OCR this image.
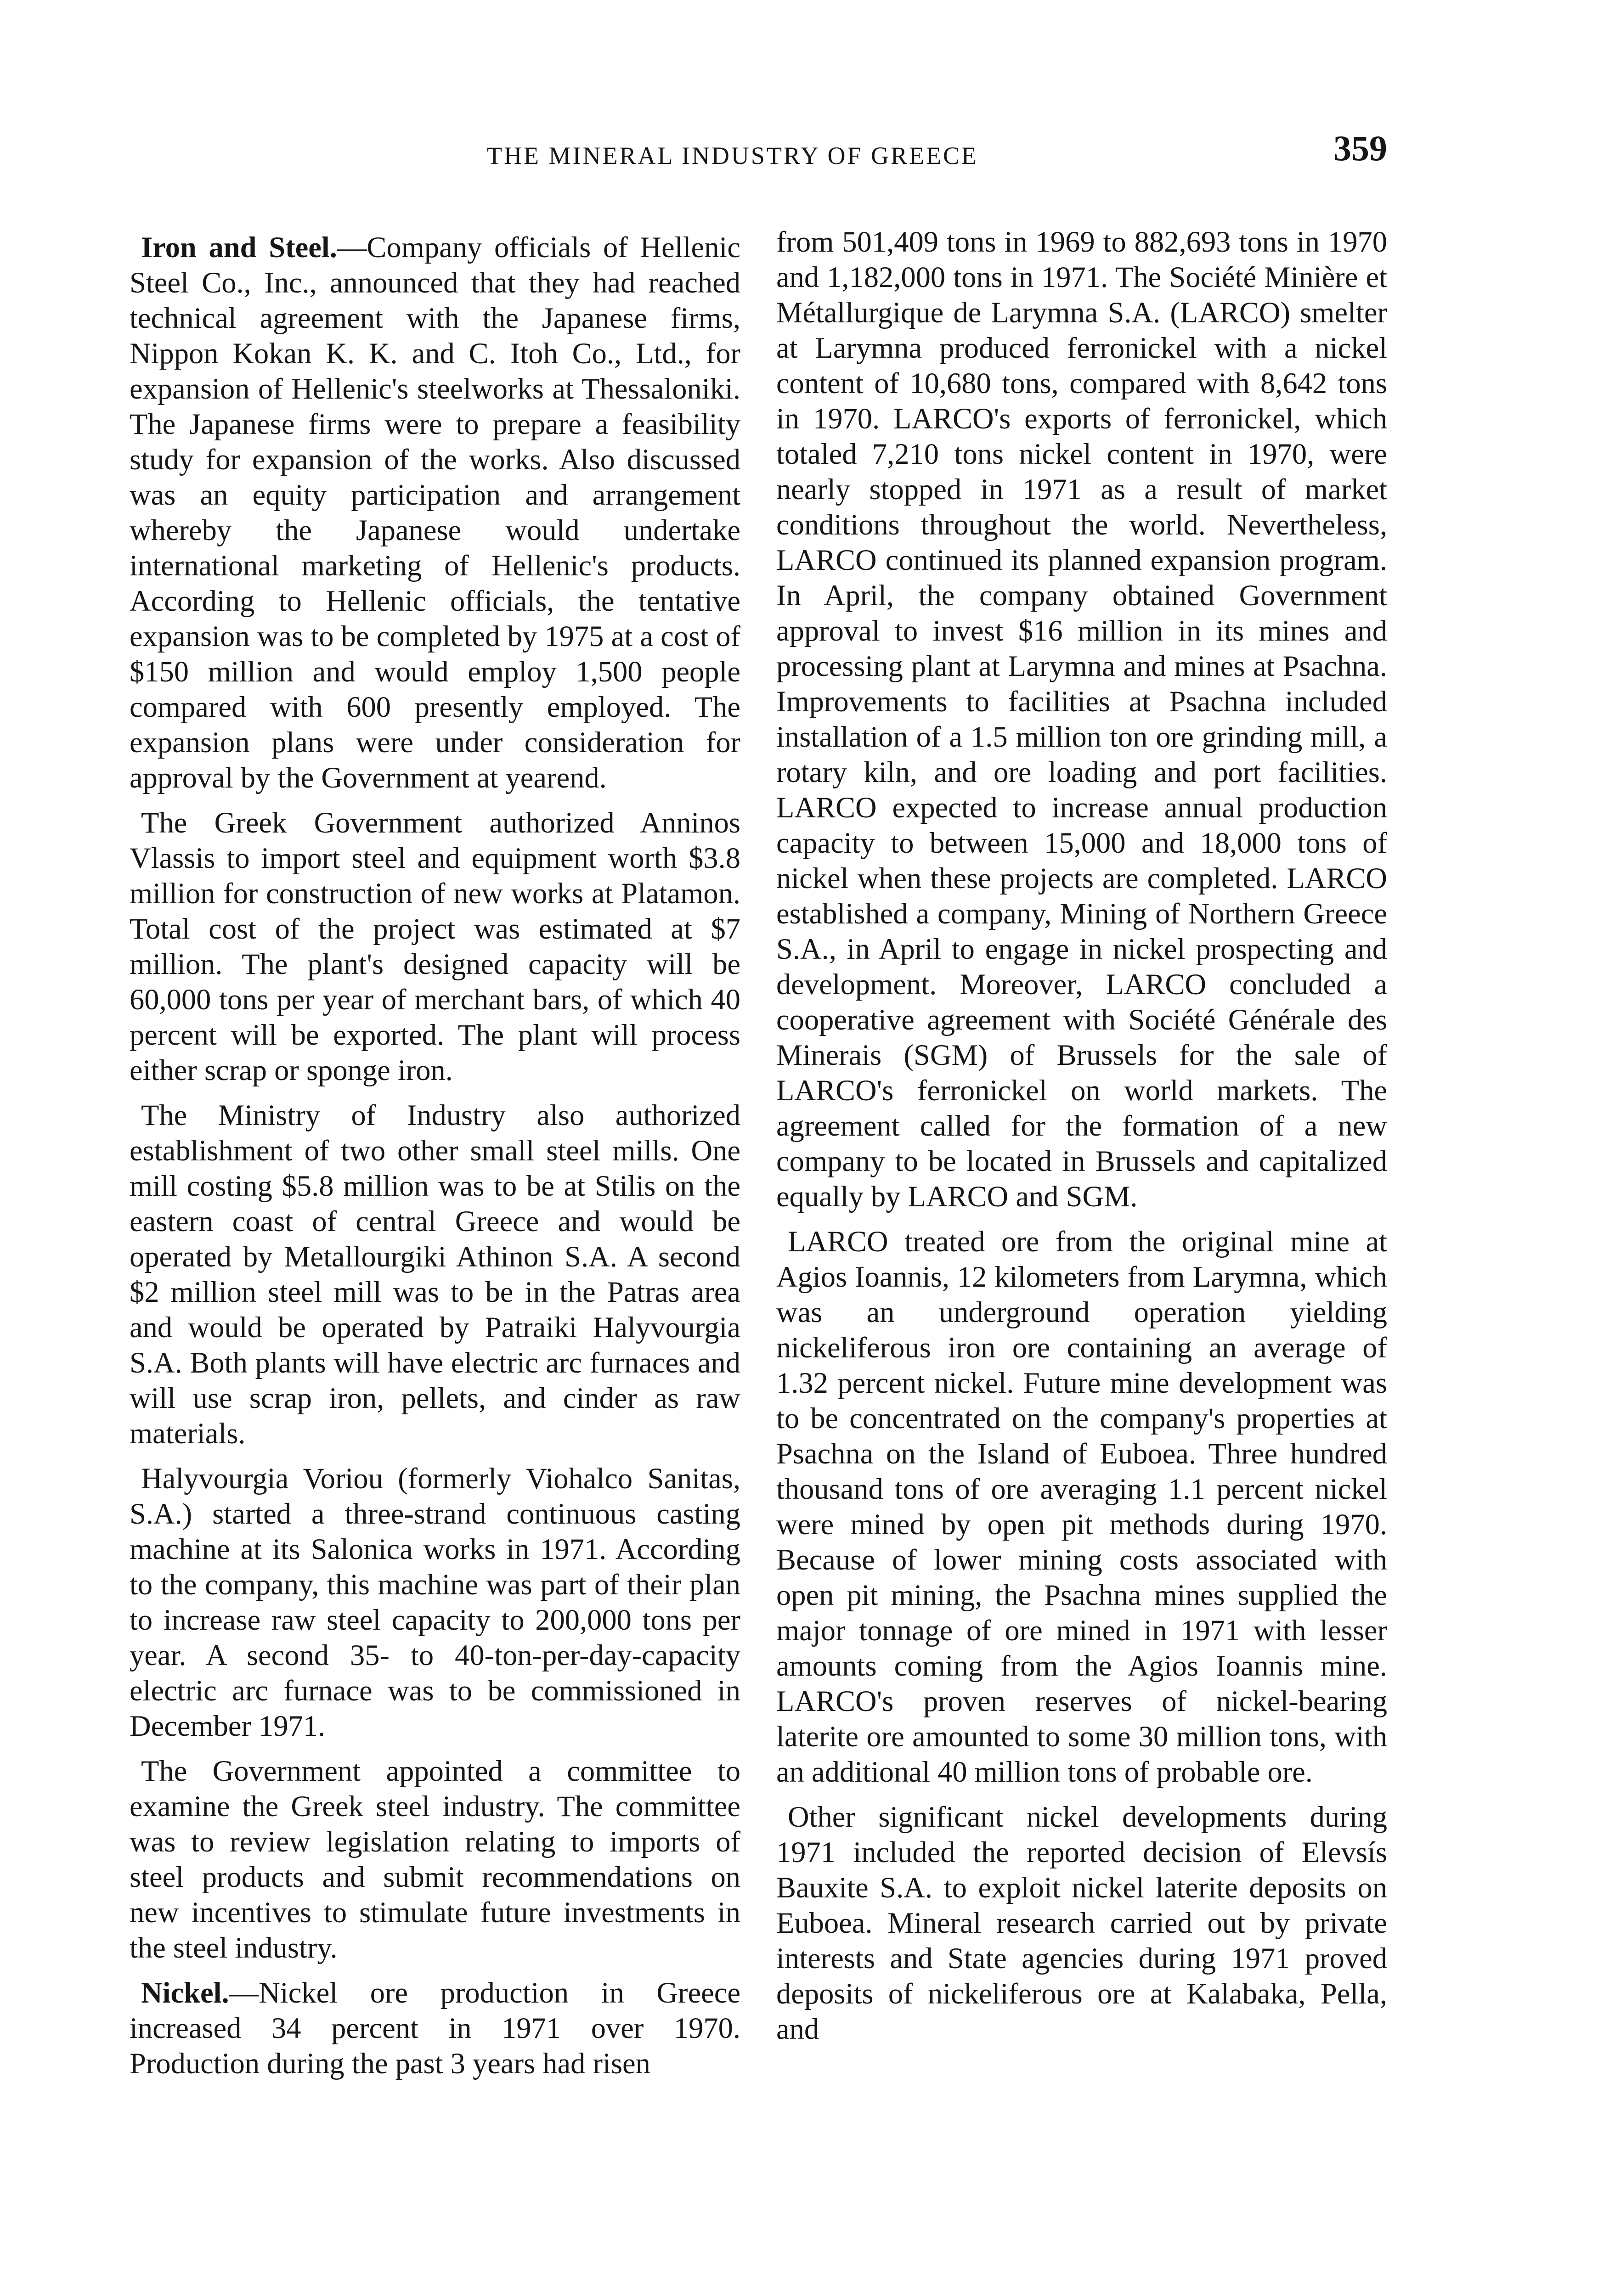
THE MINERAL INDUSTRY OF GREECE	359

Iron and Steel.—Company officials of Hellenic Steel Co., Inc., announced that they had reached technical agreement with the Japanese firms, Nippon Kokan K. K. and C. Itoh Co., Ltd., for expansion of Hellenic's steelworks at Thessaloniki. The Japanese firms were to prepare a feasibility study for expansion of the works. Also discussed was an equity participation and arrangement whereby the Japanese would undertake international marketing of Hellenic's products. According to Hellenic officials, the tentative expansion was to be completed by 1975 at a cost of $150 million and would employ 1,500 people compared with 600 presently employed. The expansion plans were under consideration for approval by the Government at yearend.

The Greek Government authorized Anninos Vlassis to import steel and equipment worth $3.8 million for construction of new works at Platamon. Total cost of the project was estimated at $7 million. The plant's designed capacity will be 60,000 tons per year of merchant bars, of which 40 percent will be exported. The plant will process either scrap or sponge iron.

The Ministry of Industry also authorized establishment of two other small steel mills. One mill costing $5.8 million was to be at Stilis on the eastern coast of central Greece and would be operated by Metallourgiki Athinon S.A. A second $2 million steel mill was to be in the Patras area and would be operated by Patraiki Halyvourgia S.A. Both plants will have electric arc furnaces and will use scrap iron, pellets, and cinder as raw materials.

Halyvourgia Voriou (formerly Viohalco Sanitas, S.A.) started a three-strand continuous casting machine at its Salonica works in 1971. According to the company, this machine was part of their plan to increase raw steel capacity to 200,000 tons per year. A second 35- to 40-ton-per-day-capacity electric arc furnace was to be commissioned in December 1971.

The Government appointed a committee to examine the Greek steel industry. The committee was to review legislation relating to imports of steel products and submit recommendations on new incentives to stimulate future investments in the steel industry.

Nickel.—Nickel ore production in Greece increased 34 percent in 1971 over 1970. Production during the past 3 years had risen

from 501,409 tons in 1969 to 882,693 tons in 1970 and 1,182,000 tons in 1971. The Société Minière et Métallurgique de Larymna S.A. (LARCO) smelter at Larymna produced ferronickel with a nickel content of 10,680 tons, compared with 8,642 tons in 1970. LARCO's exports of ferronickel, which totaled 7,210 tons nickel content in 1970, were nearly stopped in 1971 as a result of market conditions throughout the world. Nevertheless, LARCO continued its planned expansion program. In April, the company obtained Government approval to invest $16 million in its mines and processing plant at Larymna and mines at Psachna. Improvements to facilities at Psachna included installation of a 1.5 million ton ore grinding mill, a rotary kiln, and ore loading and port facilities. LARCO expected to increase annual production capacity to between 15,000 and 18,000 tons of nickel when these projects are completed. LARCO established a company, Mining of Northern Greece S.A., in April to engage in nickel prospecting and development. Moreover, LARCO concluded a cooperative agreement with Société Générale des Minerais (SGM) of Brussels for the sale of LARCO's ferronickel on world markets. The agreement called for the formation of a new company to be located in Brussels and capitalized equally by LARCO and SGM.

LARCO treated ore from the original mine at Agios Ioannis, 12 kilometers from Larymna, which was an underground operation yielding nickeliferous iron ore containing an average of 1.32 percent nickel. Future mine development was to be concentrated on the company's properties at Psachna on the Island of Euboea. Three hundred thousand tons of ore averaging 1.1 percent nickel were mined by open pit methods during 1970. Because of lower mining costs associated with open pit mining, the Psachna mines supplied the major tonnage of ore mined in 1971 with lesser amounts coming from the Agios Ioannis mine. LARCO's proven reserves of nickel-bearing laterite ore amounted to some 30 million tons, with an additional 40 million tons of probable ore.

Other significant nickel developments during 1971 included the reported decision of Elevsís Bauxite S.A. to exploit nickel laterite deposits on Euboea. Mineral research carried out by private interests and State agencies during 1971 proved deposits of nickeliferous ore at Kalabaka, Pella, and
